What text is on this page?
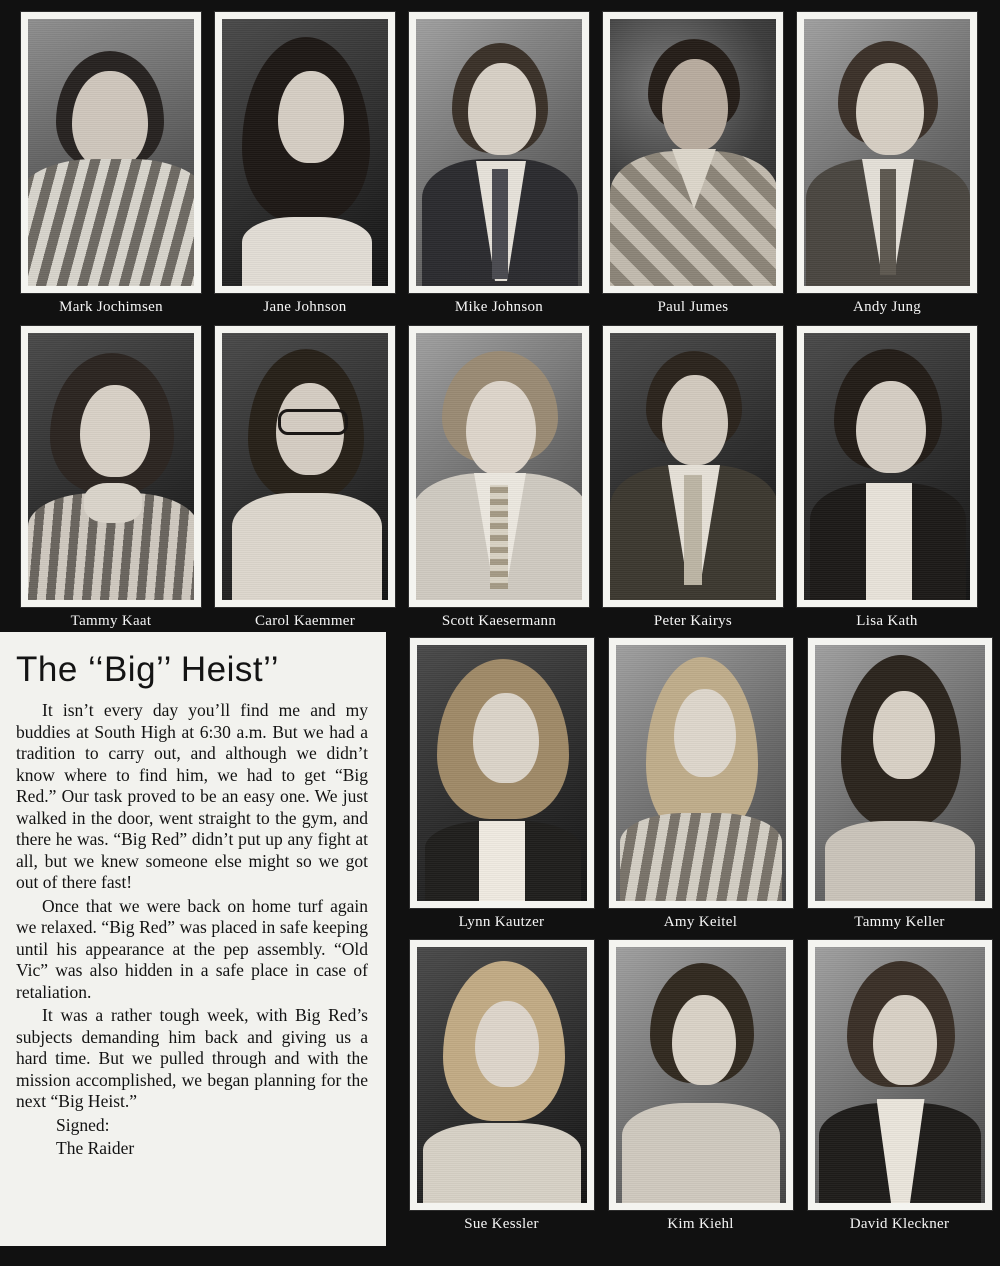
Mark Jochimsen	Jane Johnson	Mike Johnson	Paul Jumes	Andy Jung
Tammy Kaat	Carol Kaemmer	Scott Kaesermann	Peter Kairys	Lisa Kath
Lynn Kautzer	Amy Keitel	Tammy Keller
Sue Kessler	Kim Kiehl	David Kleckner
The ‘‘Big’’ Heist’’

It isn’t every day you’ll find me and my buddies at South High at 6:30 a.m. But we had a tradition to carry out, and although we didn’t know where to find him, we had to get “Big Red.” Our task proved to be an easy one. We just walked in the door, went straight to the gym, and there he was. “Big Red” didn’t put up any fight at all, but we knew someone else might so we got out of there fast!

Once that we were back on home turf again we relaxed. “Big Red” was placed in safe keeping until his appearance at the pep assembly. “Old Vic” was also hidden in a safe place in case of retaliation.

It was a rather tough week, with Big Red’s subjects demanding him back and giving us a hard time. But we pulled through and with the mission accomplished, we began planning for the next “Big Heist.”

Signed:

The Raider
